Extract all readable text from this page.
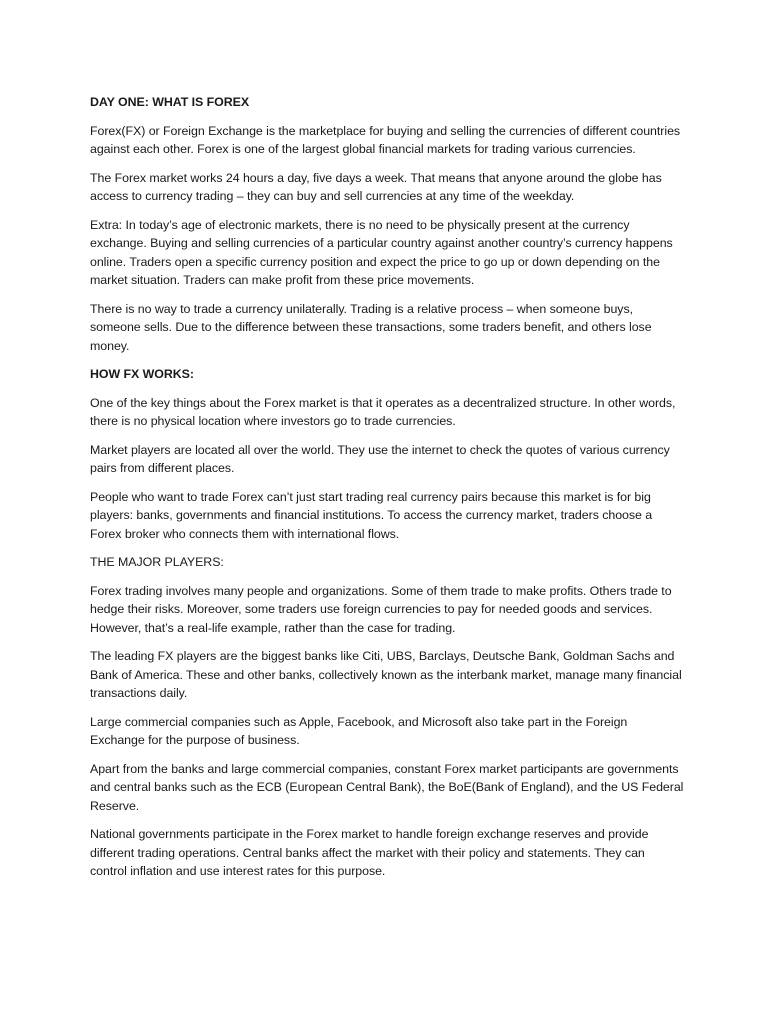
DAY ONE: WHAT IS FOREX

Forex(FX) or Foreign Exchange is the marketplace for buying and selling the currencies of different countries against each other. Forex is one of the largest global financial markets for trading various currencies.

The Forex market works 24 hours a day, five days a week. That means that anyone around the globe has access to currency trading – they can buy and sell currencies at any time of the weekday.

Extra: In today’s age of electronic markets, there is no need to be physically present at the currency exchange. Buying and selling currencies of a particular country against another country’s currency happens online. Traders open a specific currency position and expect the price to go up or down depending on the market situation. Traders can make profit from these price movements.

There is no way to trade a currency unilaterally. Trading is a relative process – when someone buys, someone sells. Due to the difference between these transactions, some traders benefit, and others lose money.

HOW FX WORKS:

One of the key things about the Forex market is that it operates as a decentralized structure. In other words, there is no physical location where investors go to trade currencies.

Market players are located all over the world. They use the internet to check the quotes of various currency pairs from different places.

People who want to trade Forex can’t just start trading real currency pairs because this market is for big players: banks, governments and financial institutions. To access the currency market, traders choose a Forex broker who connects them with international flows.

THE MAJOR PLAYERS:

Forex trading involves many people and organizations. Some of them trade to make profits. Others trade to hedge their risks. Moreover, some traders use foreign currencies to pay for needed goods and services. However, that’s a real-life example, rather than the case for trading.

The leading FX players are the biggest banks like Citi, UBS, Barclays, Deutsche Bank, Goldman Sachs and Bank of America. These and other banks, collectively known as the interbank market, manage many financial transactions daily.

Large commercial companies such as Apple, Facebook, and Microsoft also take part in the Foreign Exchange for the purpose of business.

Apart from the banks and large commercial companies, constant Forex market participants are governments and central banks such as the ECB (European Central Bank), the BoE(Bank of England), and the US Federal Reserve.

National governments participate in the Forex market to handle foreign exchange reserves and provide different trading operations. Central banks affect the market with their policy and statements. They can control inflation and use interest rates for this purpose.
